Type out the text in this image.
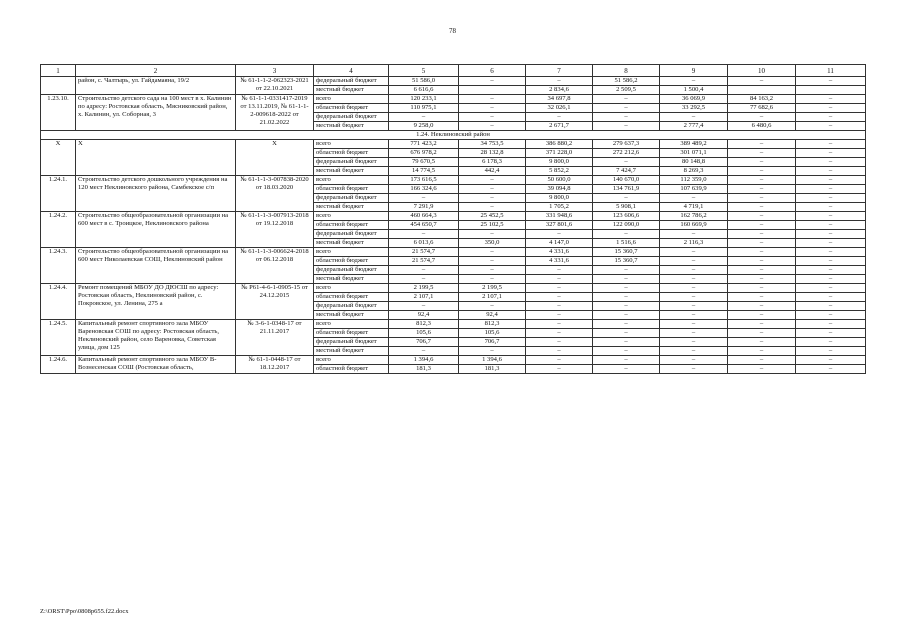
78
1	2	3	4	5	6	7	8	9	10	11
	район, с. Чалтырь, ул. Гайдамаяна, 19/2	№ 61-1-1-2-062323-2021 от 22.10.2021	федеральный бюджет	51 586,0	–	–	51 586,2	–	–	–
			местный бюджет	6 616,6		2 834,6	2 509,5	1 500,4		
1.23.10.	Строительство детского сада на 100 мест в х. Калинин по адресу: Ростовская область, Мясниковский район, х. Калинин, ул. Соборная, 3	№ 61-1-1-0331417-2019 от 13.11.2019, № 61-1-1-2-009618-2022 от 21.02.2022	всего	120 233,1	–	34 697,8	–	36 069,9	84 163,2	–
			областной бюджет	110 975,1	–	32 026,1	–	33 292,5	77 682,6	–
			федеральный бюджет	–	–	–	–	–	–	–
			местный бюджет	9 258,0	–	2 671,7	–	2 777,4	6 480,6	–
1.24. Неклиновский район										
Х	Х	Х	всего	771 423,2	34 753,5	386 880,2	279 637,3	389 489,2	–	–
			областной бюджет	676 978,2	28 132,8	371 228,0	272 212,6	301 071,1	–	–
			федеральный бюджет	79 670,5	6 178,3	9 800,0	–	80 148,8	–	–
			местный бюджет	14 774,5	442,4	5 852,2	7 424,7	8 269,3	–	–
1.24.1.	Строительство детского дошкольного учреждения на 120 мест Неклиновского района, Самбекское с/п	№ 61-1-1-3-007838-2020 от 18.03.2020	всего	173 616,5	–	50 600,0	140 670,0	112 359,0	–	–
			областной бюджет	166 324,6	–	39 094,8	134 761,9	107 639,9	–	–
			федеральный бюджет	–	–	9 800,0	–	–	–	–
			местный бюджет	7 291,9	–	1 705,2	5 908,1	4 719,1	–	–
1.24.2.	Строительство общеобразовательной организации на 600 мест в с. Троицкое, Неклиновского района	№ 61-1-1-3-007913-2018 от 19.12.2018	всего	460 664,3	25 452,5	331 948,6	123 606,6	162 786,2	–	–
			областной бюджет	454 650,7	25 102,5	327 801,6	122 090,0	160 669,9	–	–
			федеральный бюджет	–	–	–	–	–	–	–
			местный бюджет	6 013,6	350,0	4 147,0	1 516,6	2 116,3	–	–
1.24.3.	Строительство общеобразовательной организации на 600 мест Николаевская СОШ, Неклиновский район	№ 61-1-1-3-006624-2018 от 06.12.2018	всего	21 574,7	–	4 331,6	15 360,7	–	–	–
			областной бюджет	21 574,7	–	4 331,6	15 360,7	–	–	–
			федеральный бюджет	–	–	–	–	–	–	–
			местный бюджет	–	–	–	–	–	–	–
1.24.4.	Ремонт помещений МБОУ ДО ДЮСШ по адресу: Ростовская область, Неклиновский район, с. Покровское, ул. Ленина, 275 а	№ Р61-4-6-1-0905-15 от 24.12.2015	всего	2 199,5	2 199,5	–	–	–	–	–
			областной бюджет	2 107,1	2 107,1	–	–	–	–	–
			федеральный бюджет	–	–	–	–	–	–	–
			местный бюджет	92,4	92,4	–	–	–	–	–
1.24.5.	Капитальный ремонт спортивного зала МБОУ Вареновская СОШ по адресу: Ростовская область, Неклиновский район, село Вареновка, Советская улица, дом 125	№ 3-6-1-0348-17 от 21.11.2017	всего	812,3	812,3	–	–	–	–	–
			областной бюджет	105,6	105,6	–	–	–	–	–
			федеральный бюджет	706,7	706,7	–	–	–	–	–
			местный бюджет	–	–	–	–	–	–	–
1.24.6.	Капитальный ремонт спортивного зала МБОУ В-Вознесенская СОШ (Ростовская область,	№ 61-1-0448-17 от 18.12.2017	всего	1 394,6	1 394,6	–	–	–	–	–
			областной бюджет	181,3	181,3	–	–	–	–	–
Z:\ORST\Ppo\0808p655.f22.docx
